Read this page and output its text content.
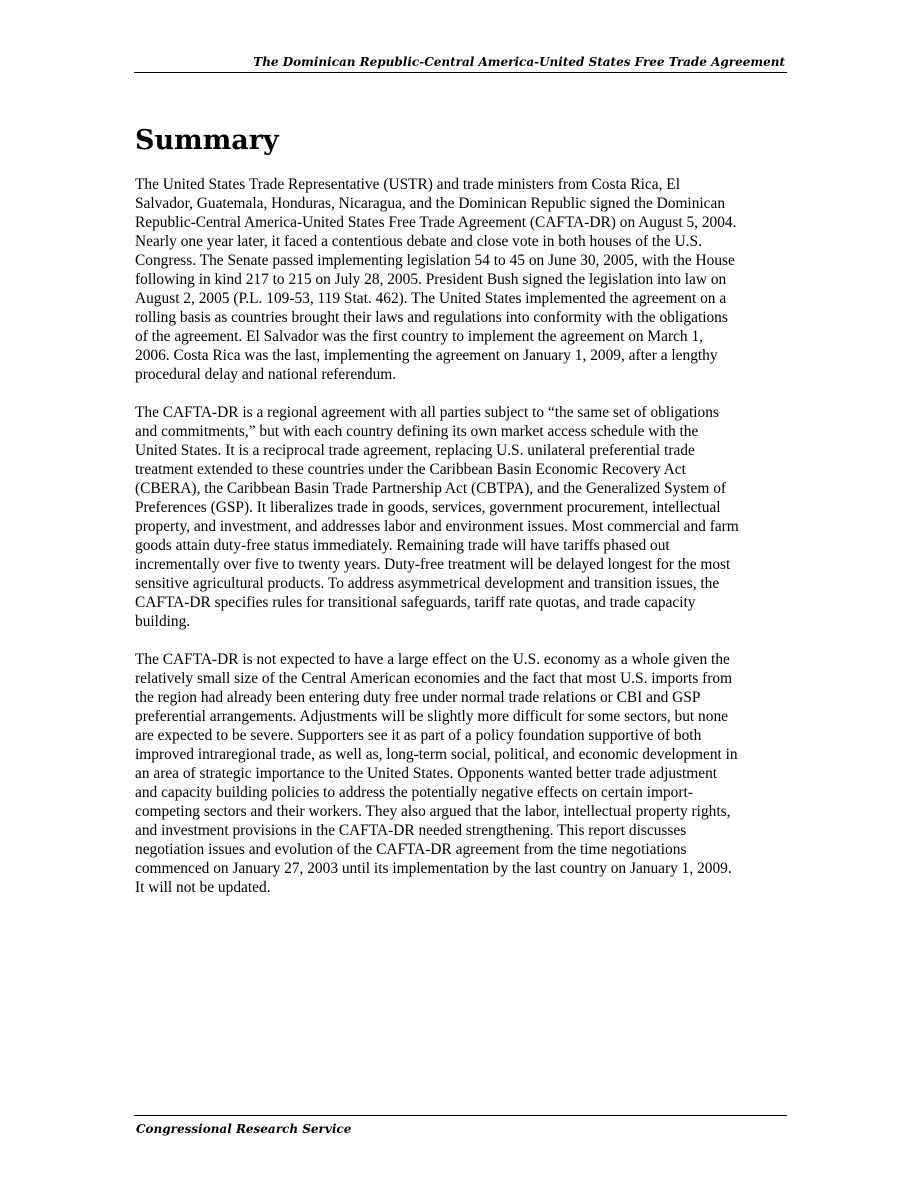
The Dominican Republic-Central America-United States Free Trade Agreement
Summary

The United States Trade Representative (USTR) and trade ministers from Costa Rica, El
Salvador, Guatemala, Honduras, Nicaragua, and the Dominican Republic signed the Dominican
Republic-Central America-United States Free Trade Agreement (CAFTA-DR) on August 5, 2004.
Nearly one year later, it faced a contentious debate and close vote in both houses of the U.S.
Congress. The Senate passed implementing legislation 54 to 45 on June 30, 2005, with the House
following in kind 217 to 215 on July 28, 2005. President Bush signed the legislation into law on
August 2, 2005 (P.L. 109-53, 119 Stat. 462). The United States implemented the agreement on a
rolling basis as countries brought their laws and regulations into conformity with the obligations
of the agreement. El Salvador was the first country to implement the agreement on March 1,
2006. Costa Rica was the last, implementing the agreement on January 1, 2009, after a lengthy
procedural delay and national referendum.

The CAFTA-DR is a regional agreement with all parties subject to “the same set of obligations
and commitments,” but with each country defining its own market access schedule with the
United States. It is a reciprocal trade agreement, replacing U.S. unilateral preferential trade
treatment extended to these countries under the Caribbean Basin Economic Recovery Act
(CBERA), the Caribbean Basin Trade Partnership Act (CBTPA), and the Generalized System of
Preferences (GSP). It liberalizes trade in goods, services, government procurement, intellectual
property, and investment, and addresses labor and environment issues. Most commercial and farm
goods attain duty-free status immediately. Remaining trade will have tariffs phased out
incrementally over five to twenty years. Duty-free treatment will be delayed longest for the most
sensitive agricultural products. To address asymmetrical development and transition issues, the
CAFTA-DR specifies rules for transitional safeguards, tariff rate quotas, and trade capacity
building.

The CAFTA-DR is not expected to have a large effect on the U.S. economy as a whole given the
relatively small size of the Central American economies and the fact that most U.S. imports from
the region had already been entering duty free under normal trade relations or CBI and GSP
preferential arrangements. Adjustments will be slightly more difficult for some sectors, but none
are expected to be severe. Supporters see it as part of a policy foundation supportive of both
improved intraregional trade, as well as, long-term social, political, and economic development in
an area of strategic importance to the United States. Opponents wanted better trade adjustment
and capacity building policies to address the potentially negative effects on certain import-
competing sectors and their workers. They also argued that the labor, intellectual property rights,
and investment provisions in the CAFTA-DR needed strengthening. This report discusses
negotiation issues and evolution of the CAFTA-DR agreement from the time negotiations
commenced on January 27, 2003 until its implementation by the last country on January 1, 2009.
It will not be updated.

Congressional Research Service
